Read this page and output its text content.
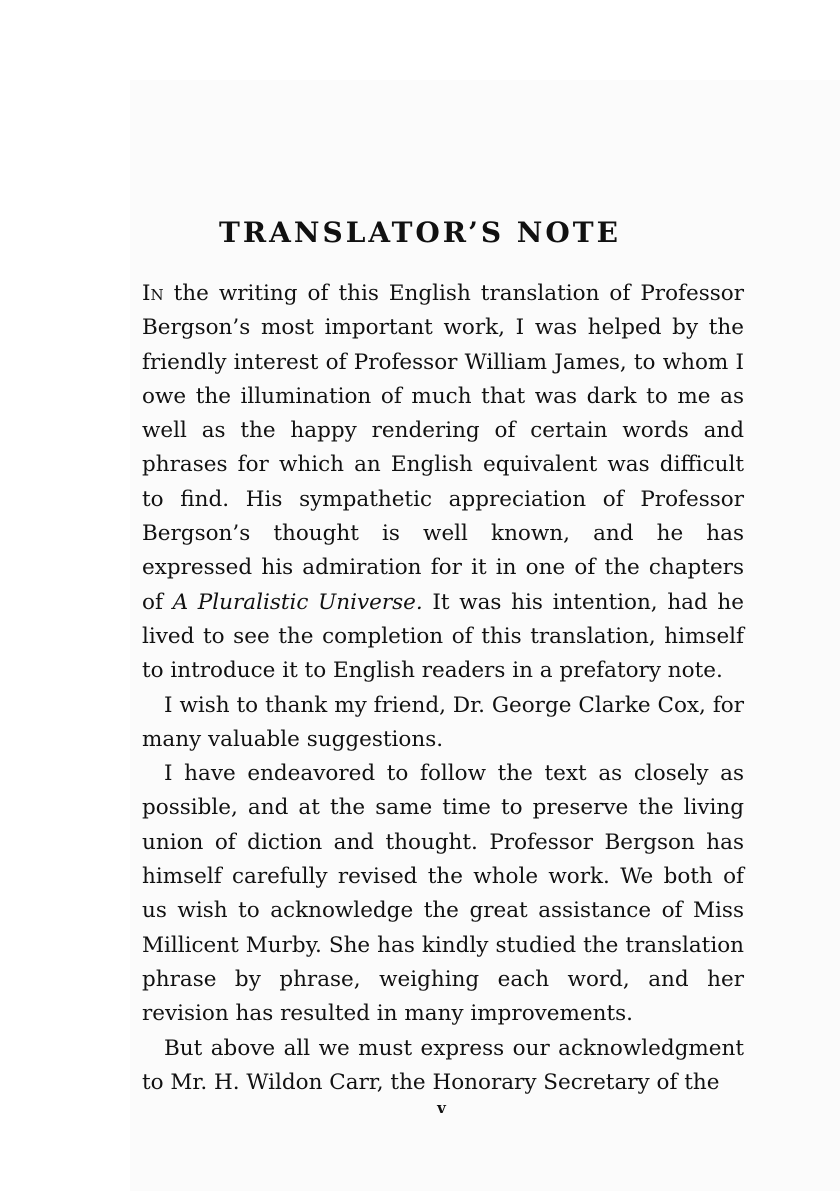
TRANSLATOR’S NOTE

In the writing of this English translation of Professor Bergson’s most important work, I was helped by the friendly interest of Professor William James, to whom I owe the illumination of much that was dark to me as well as the happy rendering of certain words and phrases for which an English equivalent was difficult to find. His sympathetic appreciation of Professor Bergson’s thought is well known, and he has expressed his admiration for it in one of the chapters of A Pluralistic Universe. It was his intention, had he lived to see the completion of this translation, himself to introduce it to English readers in a prefatory note.

I wish to thank my friend, Dr. George Clarke Cox, for many valuable suggestions.

I have endeavored to follow the text as closely as possible, and at the same time to preserve the living union of diction and thought. Professor Bergson has himself carefully revised the whole work. We both of us wish to acknowledge the great assistance of Miss Millicent Murby. She has kindly studied the translation phrase by phrase, weighing each word, and her revision has resulted in many improvements.

But above all we must express our acknowledgment to Mr. H. Wildon Carr, the Honorary Secretary of the

v
